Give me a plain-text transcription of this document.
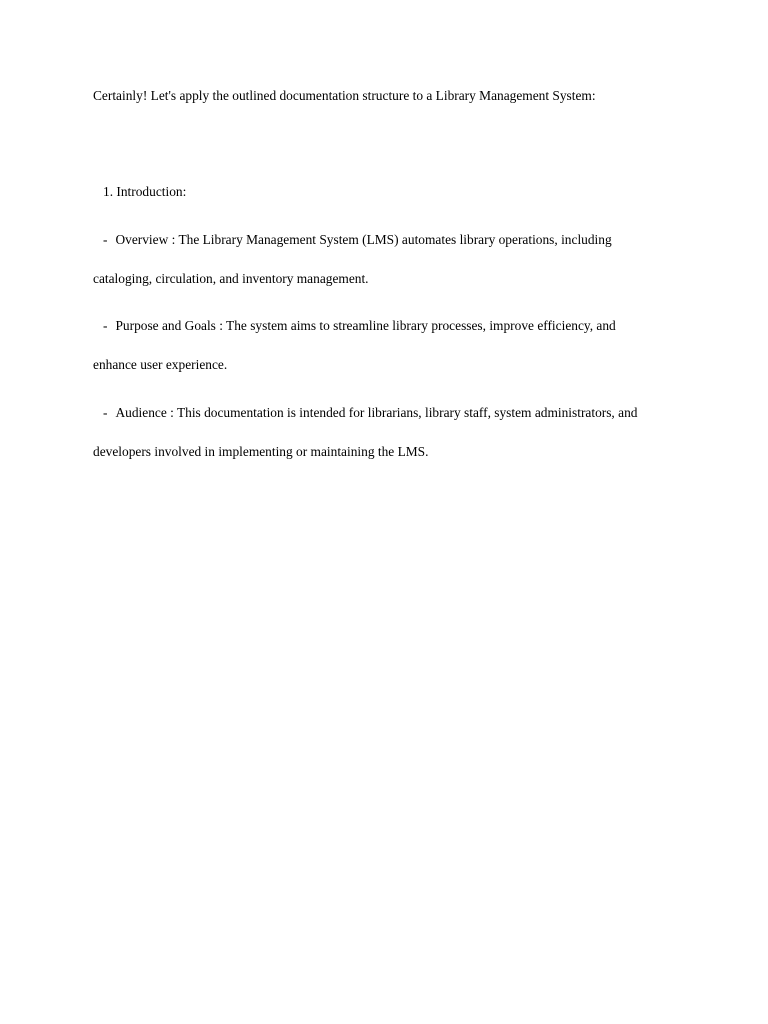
Certainly! Let's apply the outlined documentation structure to a Library Management System:
1. Introduction:
- Overview : The Library Management System (LMS) automates library operations, including
cataloging, circulation, and inventory management.
- Purpose and Goals : The system aims to streamline library processes, improve efficiency, and
enhance user experience.
- Audience : This documentation is intended for librarians, library staff, system administrators, and
developers involved in implementing or maintaining the LMS.
